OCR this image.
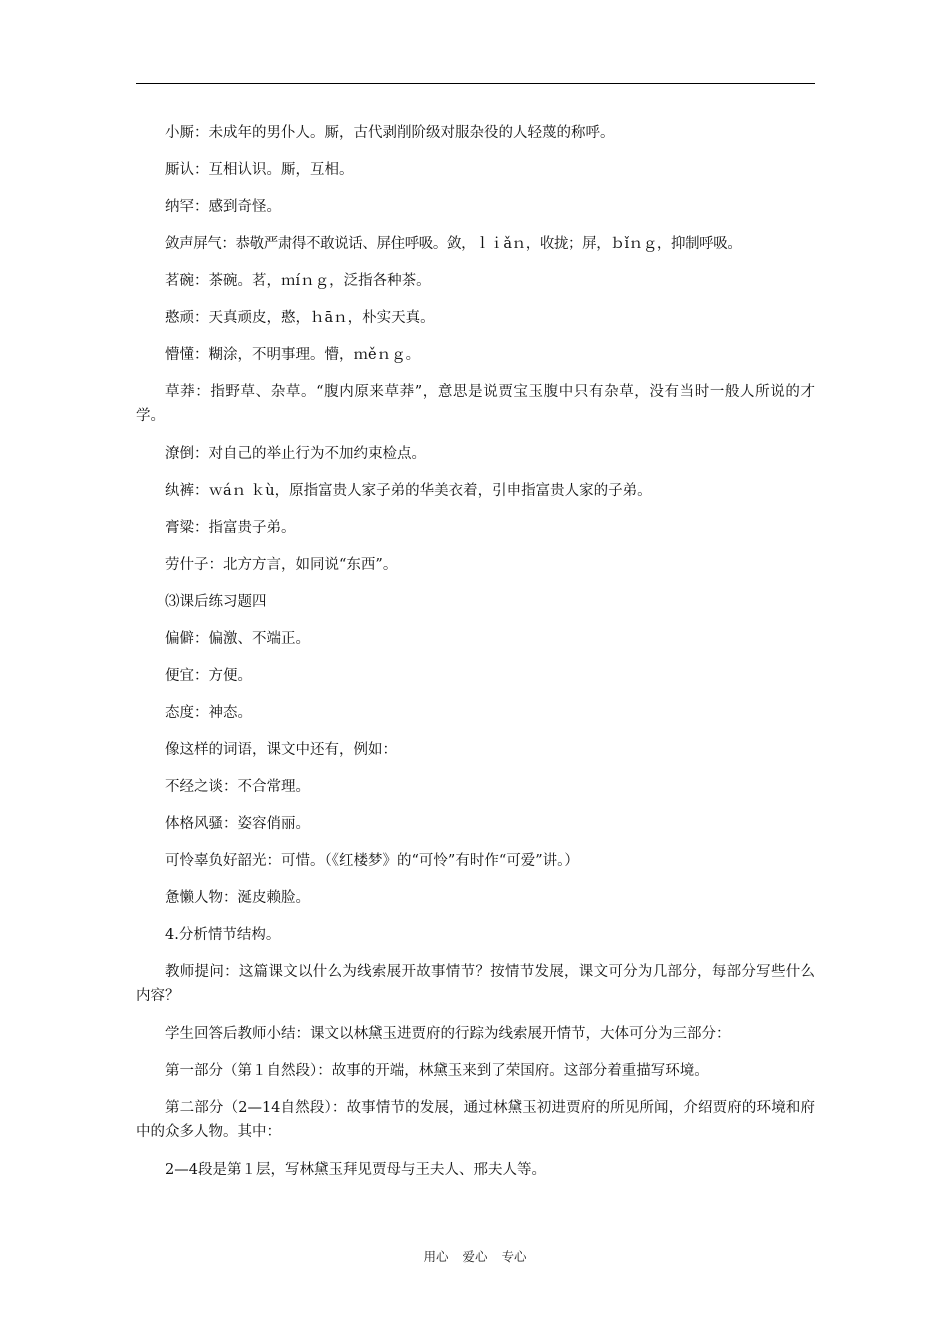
小厮：未成年的男仆人。厮，古代剥削阶级对服杂役的人轻蔑的称呼。

厮认：互相认识。厮，互相。

纳罕：感到奇怪。

敛声屏气：恭敬严肃得不敢说话、屏住呼吸。敛，ｌｉǎｎ，收拢；屏，ｂǐｎｇ，抑制呼吸。

茗碗：茶碗。茗，ｍíｎｇ，泛指各种茶。

憨顽：天真顽皮，憨，ｈāｎ，朴实天真。

懵懂：糊涂，不明事理。懵，ｍěｎｇ。

草莽：指野草、杂草。“腹内原来草莽”，意思是说贾宝玉腹中只有杂草，没有当时一般人所说的才学。

潦倒：对自己的举止行为不加约束检点。

纨裤：ｗáｎ ｋù，原指富贵人家子弟的华美衣着，引申指富贵人家的子弟。

膏粱：指富贵子弟。

劳什子：北方方言，如同说“东西”。

⑶课后练习题四

偏僻：偏激、不端正。

便宜：方便。

态度：神态。

像这样的词语，课文中还有，例如：

不经之谈：不合常理。

体格风骚：姿容俏丽。

可怜辜负好韶光：可惜。（《红楼梦》的“可怜”有时作“可爱”讲。）

惫懒人物：涎皮赖脸。

4.分析情节结构。

教师提问：这篇课文以什么为线索展开故事情节？按情节发展，课文可分为几部分，每部分写些什么内容？

学生回答后教师小结：课文以林黛玉进贾府的行踪为线索展开情节，大体可分为三部分：

第一部分（第１自然段）：故事的开端，林黛玉来到了荣国府。这部分着重描写环境。

第二部分（2—14自然段）：故事情节的发展，通过林黛玉初进贾府的所见所闻，介绍贾府的环境和府中的众多人物。其中：

2—4段是第１层，写林黛玉拜见贾母与王夫人、邢夫人等。

用心 爱心 专心
